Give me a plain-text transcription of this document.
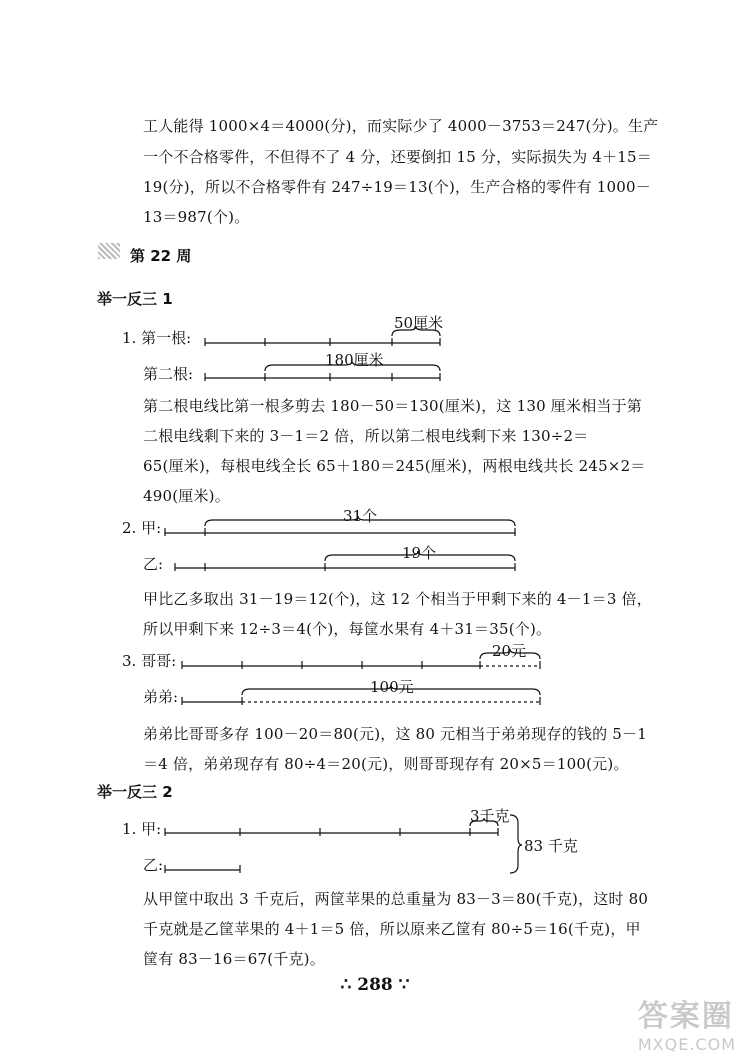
工人能得 1000×4＝4000(分)，而实际少了 4000－3753＝247(分)。生产
一个不合格零件，不但得不了 4 分，还要倒扣 15 分，实际损失为 4＋15＝
19(分)，所以不合格零件有 247÷19＝13(个)，生产合格的零件有 1000－
13＝987(个)。
第 22 周
举一反三 1
1. 第一根:
第二根:
50厘米
180厘米
第二根电线比第一根多剪去 180－50＝130(厘米)，这 130 厘米相当于第
二根电线剩下来的 3－1＝2 倍，所以第二根电线剩下来 130÷2＝
65(厘米)，每根电线全长 65＋180＝245(厘米)，两根电线共长 245×2＝
490(厘米)。
2. 甲:
乙:
31个
19个
甲比乙多取出 31－19＝12(个)，这 12 个相当于甲剩下来的 4－1＝3 倍，
所以甲剩下来 12÷3＝4(个)，每筐水果有 4＋31＝35(个)。
3. 哥哥:
弟弟:
20元
100元
弟弟比哥哥多存 100－20＝80(元)，这 80 元相当于弟弟现存的钱的 5－1
＝4 倍，弟弟现存有 80÷4＝20(元)，则哥哥现存有 20×5＝100(元)。
举一反三 2
1. 甲:
乙:
3千克
83 千克
从甲筐中取出 3 千克后，两筐苹果的总重量为 83－3＝80(千克)，这时 80
千克就是乙筐苹果的 4＋1＝5 倍，所以原来乙筐有 80÷5＝16(千克)，甲
筐有 83－16＝67(千克)。
∴ 288 ∵
答案圈
MXQE.COM
